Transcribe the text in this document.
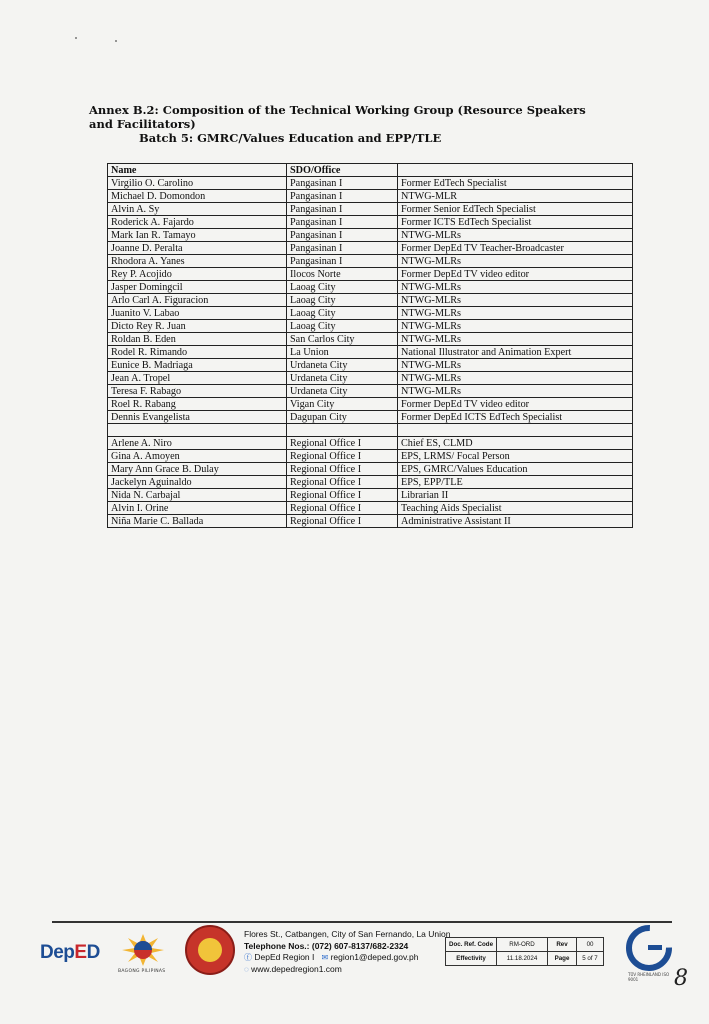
Annex B.2: Composition of the Technical Working Group (Resource Speakers
and Facilitators)
Batch 5: GMRC/Values Education and EPP/TLE
Name	SDO/Office	
Virgilio O. Carolino	Pangasinan I	Former EdTech Specialist
Michael D. Domondon	Pangasinan I	NTWG-MLR
Alvin A. Sy	Pangasinan I	Former Senior EdTech Specialist
Roderick A. Fajardo	Pangasinan I	Former ICTS EdTech Specialist
Mark Ian R. Tamayo	Pangasinan I	NTWG-MLRs
Joanne D. Peralta	Pangasinan I	Former DepEd TV Teacher-Broadcaster
Rhodora A. Yanes	Pangasinan I	NTWG-MLRs
Rey P. Acojido	Ilocos Norte	Former DepEd TV video editor
Jasper Domingcil	Laoag City	NTWG-MLRs
Arlo Carl A. Figuracion	Laoag City	NTWG-MLRs
Juanito V. Labao	Laoag City	NTWG-MLRs
Dicto Rey R. Juan	Laoag City	NTWG-MLRs
Roldan B. Eden	San Carlos City	NTWG-MLRs
Rodel R. Rimando	La Union	National Illustrator and Animation Expert
Eunice B. Madriaga	Urdaneta City	NTWG-MLRs
Jean A. Tropel	Urdaneta City	NTWG-MLRs
Teresa F. Rabago	Urdaneta City	NTWG-MLRs
Roel R. Rabang	Vigan City	Former DepEd TV video editor
Dennis Evangelista	Dagupan City	Former DepEd ICTS EdTech Specialist

Arlene A. Niro	Regional Office I	Chief ES, CLMD
Gina A. Amoyen	Regional Office I	EPS, LRMS/ Focal Person
Mary Ann Grace B. Dulay	Regional Office I	EPS, GMRC/Values Education
Jackelyn Aguinaldo	Regional Office I	EPS, EPP/TLE
Nida N. Carbajal	Regional Office I	Librarian II
Alvin I. Orine	Regional Office I	Teaching Aids Specialist
Niña Marie C. Ballada	Regional Office I	Administrative Assistant II
DepED
BAGONG PILIPINAS
Flores St., Catbangen, City of San Fernando, La Union
Telephone Nos.: (072) 607-8137/682-2324
ⓕ DepEd Region I ✉ region1@deped.gov.ph
◌ www.depedregion1.com
Doc. Ref. Code	RM-ORD	Rev	00
Effectivity	11.18.2024	Page	5 of 7
TÜV RHEINLAND ISO 9001	8
